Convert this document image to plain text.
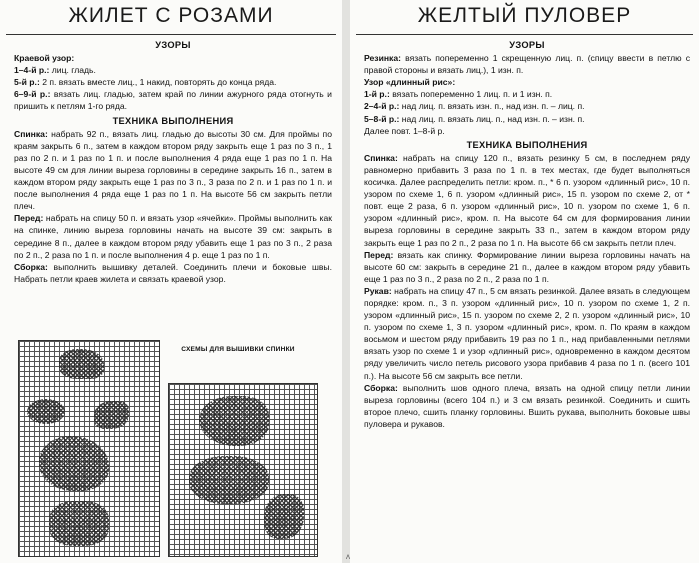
ЖИЛЕТ С РОЗАМИ
УЗОРЫ

Краевой узор:

1–4-й р.: лиц. гладь.

5-й р.: 2 п. вязать вместе лиц., 1 накид, повторять до конца ряда.

6–9-й р.: вязать лиц. гладью, затем край по линии ажурного ряда отогнуть и пришить к петлям 1-го ряда.

ТЕХНИКА ВЫПОЛНЕНИЯ

Спинка: набрать 92 п., вязать лиц. гладью до высоты 30 см. Для проймы по краям закрыть 6 п., затем в каждом втором ряду закрыть еще 1 раз по 3 п., 1 раз по 2 п. и 1 раз по 1 п. и после выполнения 4 ряда еще 1 раз по 1 п. На высоте 49 см для линии выреза горловины в середине закрыть 16 п., затем в каждом втором ряду закрыть еще 1 раз по 3 п., 3 раза по 2 п. и 1 раз по 1 п. и после выполнения 4 ряда еще 1 раз по 1 п. На высоте 56 см закрыть петли плеч.

Перед: набрать на спицу 50 п. и вязать узор «ячейки». Проймы выполнить как на спинке, линию выреза горловины начать на высоте 39 см: закрыть в середине 8 п., далее в каждом втором ряду убавить еще 1 раз по 3 п., 2 раза по 2 п., 2 раза по 1 п. и после выполнения 4 р. еще 1 раз по 1 п.

Сборка: выполнить вышивку деталей. Соединить плечи и боковые швы. Набрать петли краев жилета и связать краевой узор.

СХЕМЫ ДЛЯ ВЫШИВКИ СПИНКИ
ЖЕЛТЫЙ ПУЛОВЕР
УЗОРЫ

Резинка: вязать попеременно 1 скрещенную лиц. п. (спицу ввести в петлю с правой стороны и вязать лиц.), 1 изн. п.

Узор «длинный рис»:

1-й р.: вязать попеременно 1 лиц. п. и 1 изн. п.

2–4-й р.: над лиц. п. вязать изн. п., над изн. п. – лиц. п.

5–8-й р.: над лиц. п. вязать лиц. п., над изн. п. – изн. п.

Далее повт. 1–8-й р.

ТЕХНИКА ВЫПОЛНЕНИЯ

Спинка: набрать на спицу 120 п., вязать резинку 5 см, в последнем ряду равномерно прибавить 3 раза по 1 п. в тех местах, где будет выполняться косичка. Далее распределить петли: кром. п., * 6 п. узором «длинный рис», 10 п. узором по схеме 1, 6 п. узором «длинный рис», 15 п. узором по схеме 2, от * повт. еще 2 раза, 6 п. узором «длинный рис», 10 п. узором по схеме 1, 6 п. узором «длинный рис», кром. п. На высоте 64 см для формирования линии выреза горловины в середине закрыть 33 п., затем в каждом втором ряду закрыть еще 1 раз по 2 п., 2 раза по 1 п. На высоте 66 см закрыть петли плеч.

Перед: вязать как спинку. Формирование линии выреза горловины начать на высоте 60 см: закрыть в середине 21 п., далее в каждом втором ряду убавить еще 1 раз по 3 п., 2 раза по 2 п., 2 раза по 1 п.

Рукав: набрать на спицу 47 п., 5 см вязать резинкой. Далее вязать в следующем порядке: кром. п., 3 п. узором «длинный рис», 10 п. узором по схеме 1, 2 п. узором «длинный рис», 15 п. узором по схеме 2, 2 п. узором «длинный рис», 10 п. узором по схеме 1, 3 п. узором «длинный рис», кром. п. По краям в каждом восьмом и шестом ряду прибавить 19 раз по 1 п., над прибавленными петлями вязать узор по схеме 1 и узор «длинный рис», одновременно в каждом десятом ряду увеличить число петель рисового узора прибавив 4 раза по 1 п. (всего 101 п.). На высоте 56 см закрыть все петли.

Сборка: выполнить шов одного плеча, вязать на одной спицу петли линии выреза горловины (всего 104 п.) и 3 см вязать резинкой. Соединить и сшить второе плечо, сшить планку горловины. Вшить рукава, выполнить боковые швы пуловера и рукавов.

Λ
